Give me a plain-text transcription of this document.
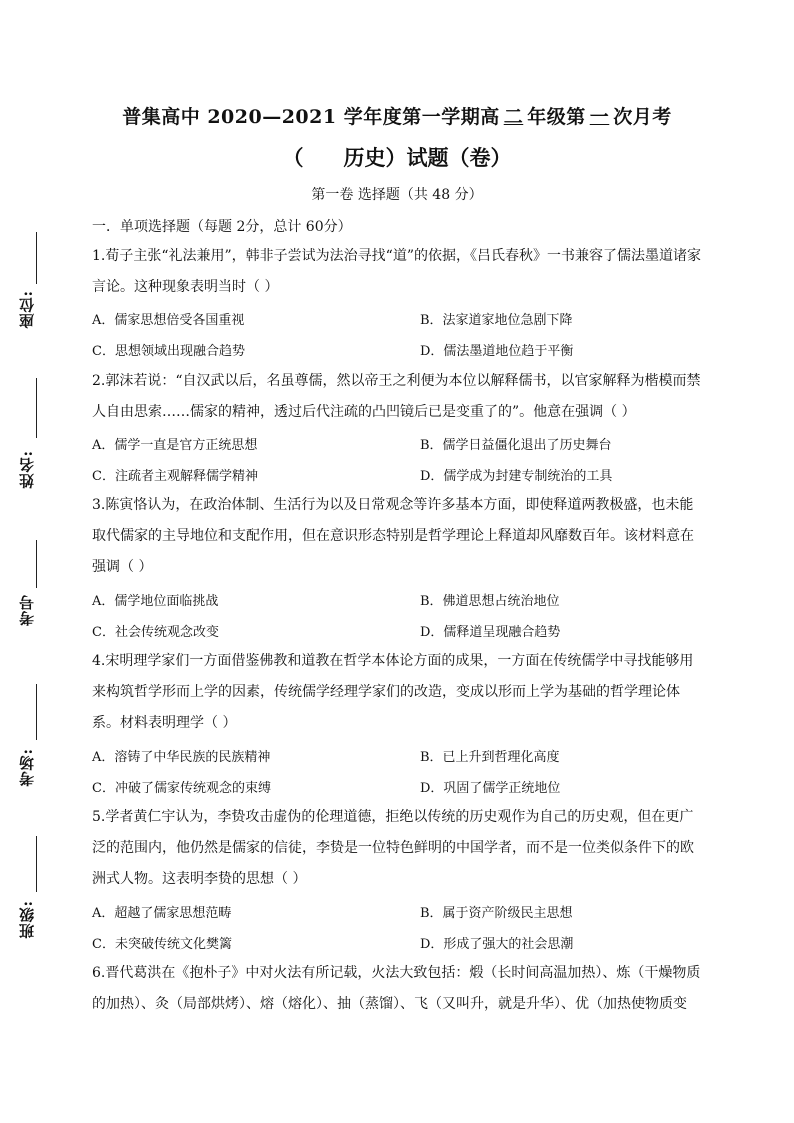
普集高中 2020—2021 学年度第一学期高 二 年级第 一 次月考
（ 历史）试题（卷）
第一卷 选择题（共 48 分）
一．单项选择题（每题 2分，总计 60分）
座位:
姓名:
考号
考场:
班级:
1.荀子主张“礼法兼用”，韩非子尝试为法治寻找“道”的依据，《吕氏春秋》一书兼容了儒法墨道诸家言论。这种现象表明当时（ ）
A．儒家思想倍受各国重视	B．法家道家地位急剧下降
C．思想领域出现融合趋势	D．儒法墨道地位趋于平衡
2.郭沫若说：“自汉武以后，名虽尊儒，然以帝王之利便为本位以解释儒书，以官家解释为楷模而禁人自由思索……儒家的精神，透过后代注疏的凸凹镜后已是变重了的”。他意在强调（ ）
A．儒学一直是官方正统思想	B．儒学日益僵化退出了历史舞台
C．注疏者主观解释儒学精神	D．儒学成为封建专制统治的工具
3.陈寅恪认为，在政治体制、生活行为以及日常观念等许多基本方面，即使释道两教极盛，也未能取代儒家的主导地位和支配作用，但在意识形态特别是哲学理论上释道却风靡数百年。该材料意在强调（ ）
A．儒学地位面临挑战	B．佛道思想占统治地位
C．社会传统观念改变	D．儒释道呈现融合趋势
4.宋明理学家们一方面借鉴佛教和道教在哲学本体论方面的成果，一方面在传统儒学中寻找能够用来构筑哲学形而上学的因素，传统儒学经理学家们的改造，变成以形而上学为基础的哲学理论体系。材料表明理学（ ）
A．溶铸了中华民族的民族精神	B．已上升到哲理化高度
C．冲破了儒家传统观念的束缚	D．巩固了儒学正统地位
5.学者黄仁宇认为，李贽攻击虚伪的伦理道德，拒绝以传统的历史观作为自己的历史观，但在更广泛的范围内，他仍然是儒家的信徒，李贽是一位特色鲜明的中国学者，而不是一位类似条件下的欧洲式人物。这表明李贽的思想（ ）
A．超越了儒家思想范畴	B．属于资产阶级民主思想
C．未突破传统文化樊篱	D．形成了强大的社会思潮
6.晋代葛洪在《抱朴子》中对火法有所记载，火法大致包括：煅（长时间高温加热）、炼（干燥物质的加热）、灸（局部烘烤）、熔（熔化）、抽（蒸馏）、飞（又叫升，就是升华）、优（加热使物质变
